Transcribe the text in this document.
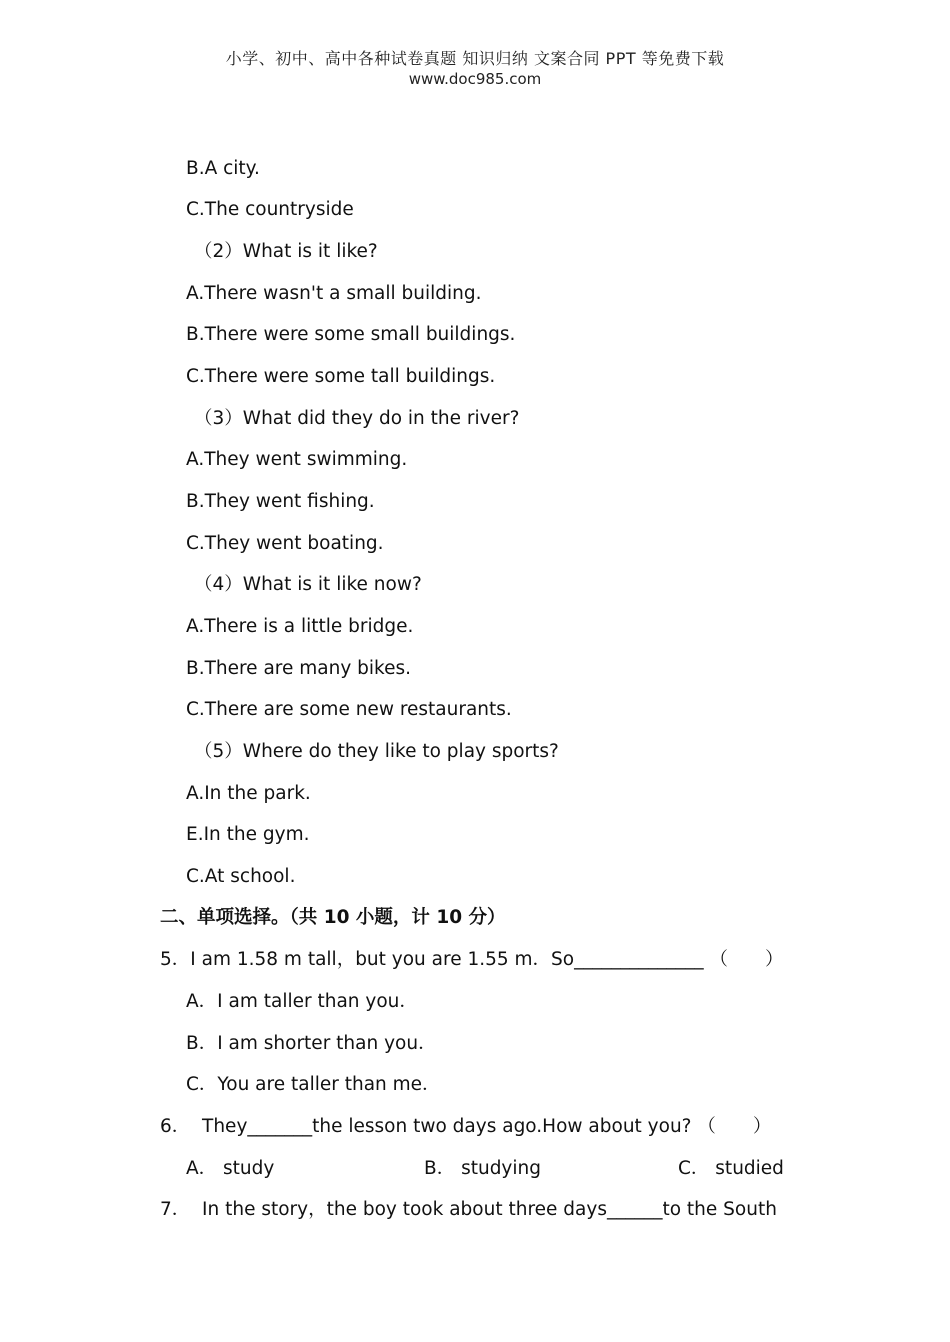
小学、初中、高中各种试卷真题 知识归纳 文案合同 PPT 等免费下载
www.doc985.com
B.A city.
C.The countryside
（2）What is it like?
A.There wasn't a small building.
B.There were some small buildings.
C.There were some tall buildings.
（3）What did they do in the river?
A.They went swimming.
B.They went fishing.
C.They went boating.
（4）What is it like now?
A.There is a little bridge.
B.There are many bikes.
C.There are some new restaurants.
（5）Where do they like to play sports?
A.In the park.
E.In the gym.
C.At school.
二、单项选择。（共 10 小题，计 10 分）
5．I am 1.58 m tall，but you are 1.55 m．So______________ （　　）
A．I am taller than you．
B．I am shorter than you．
C．You are taller than me．
6．  They_______the lesson two days ago.How about you? （　　）
A． study	B． studying	C． studied
7．  In the story，the boy took about three days______to the South
